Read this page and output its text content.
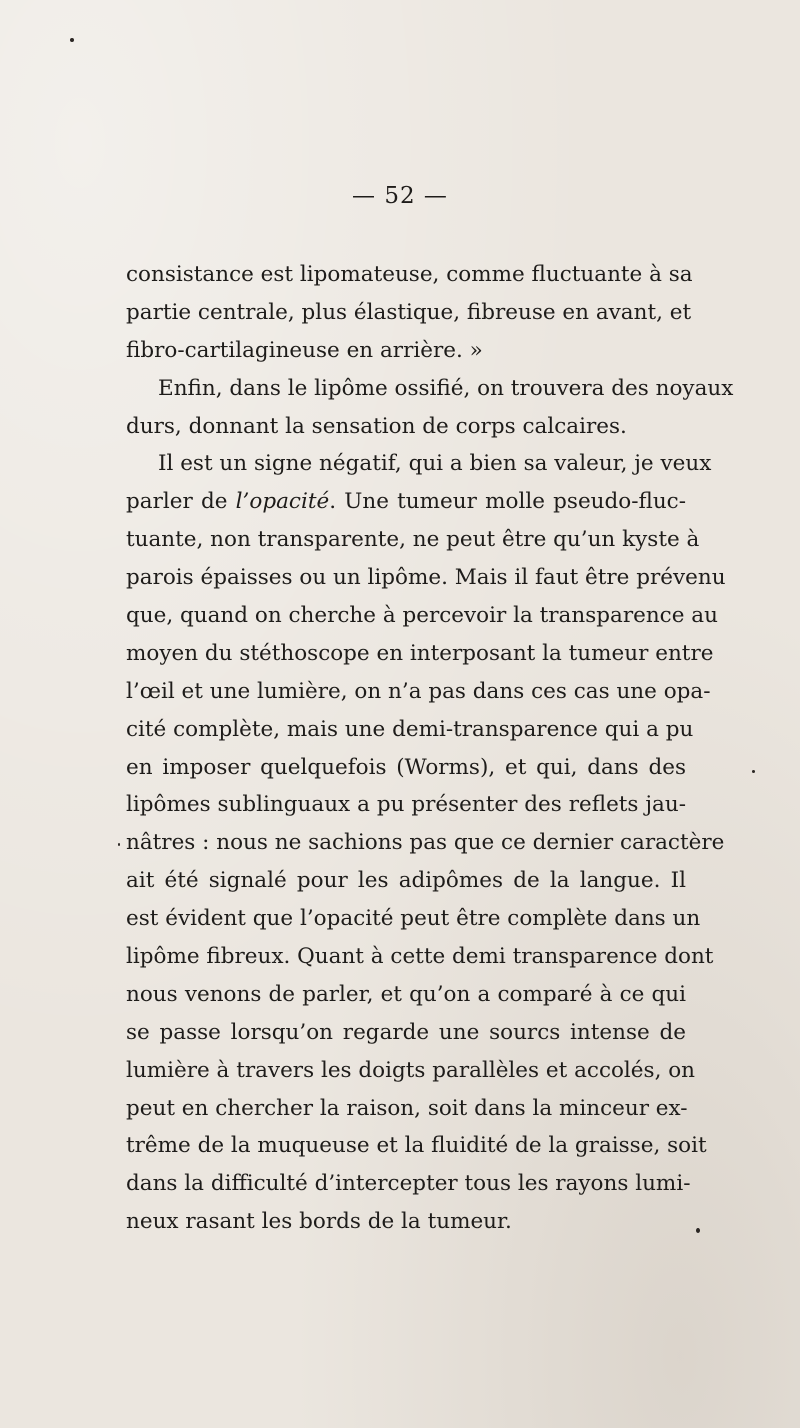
— 52 —
consistance est lipomateuse, comme fluctuante à sa
partie centrale, plus élastique, fibreuse en avant, et
fibro-cartilagineuse en arrière. »
Enfin, dans le lipôme ossifié, on trouvera des noyaux
durs, donnant la sensation de corps calcaires.
Il est un signe négatif, qui a bien sa valeur, je veux
parler de l’opacité. Une tumeur molle pseudo-fluc-
tuante, non transparente, ne peut être qu’un kyste à
parois épaisses ou un lipôme. Mais il faut être prévenu
que, quand on cherche à percevoir la transparence au
moyen du stéthoscope en interposant la tumeur entre
l’œil et une lumière, on n’a pas dans ces cas une opa-
cité complète, mais une demi-transparence qui a pu
en imposer quelquefois (Worms), et qui, dans des
lipômes sublinguaux a pu présenter des reflets jau-
nâtres : nous ne sachions pas que ce dernier caractère
ait été signalé pour les adipômes de la langue. Il
est évident que l’opacité peut être complète dans un
lipôme fibreux. Quant à cette demi transparence dont
nous venons de parler, et qu’on a comparé à ce qui
se passe lorsqu’on regarde une sourcs intense de
lumière à travers les doigts parallèles et accolés, on
peut en chercher la raison, soit dans la minceur ex-
trême de la muqueuse et la fluidité de la graisse, soit
dans la difficulté d’intercepter tous les rayons lumi-
neux rasant les bords de la tumeur.
